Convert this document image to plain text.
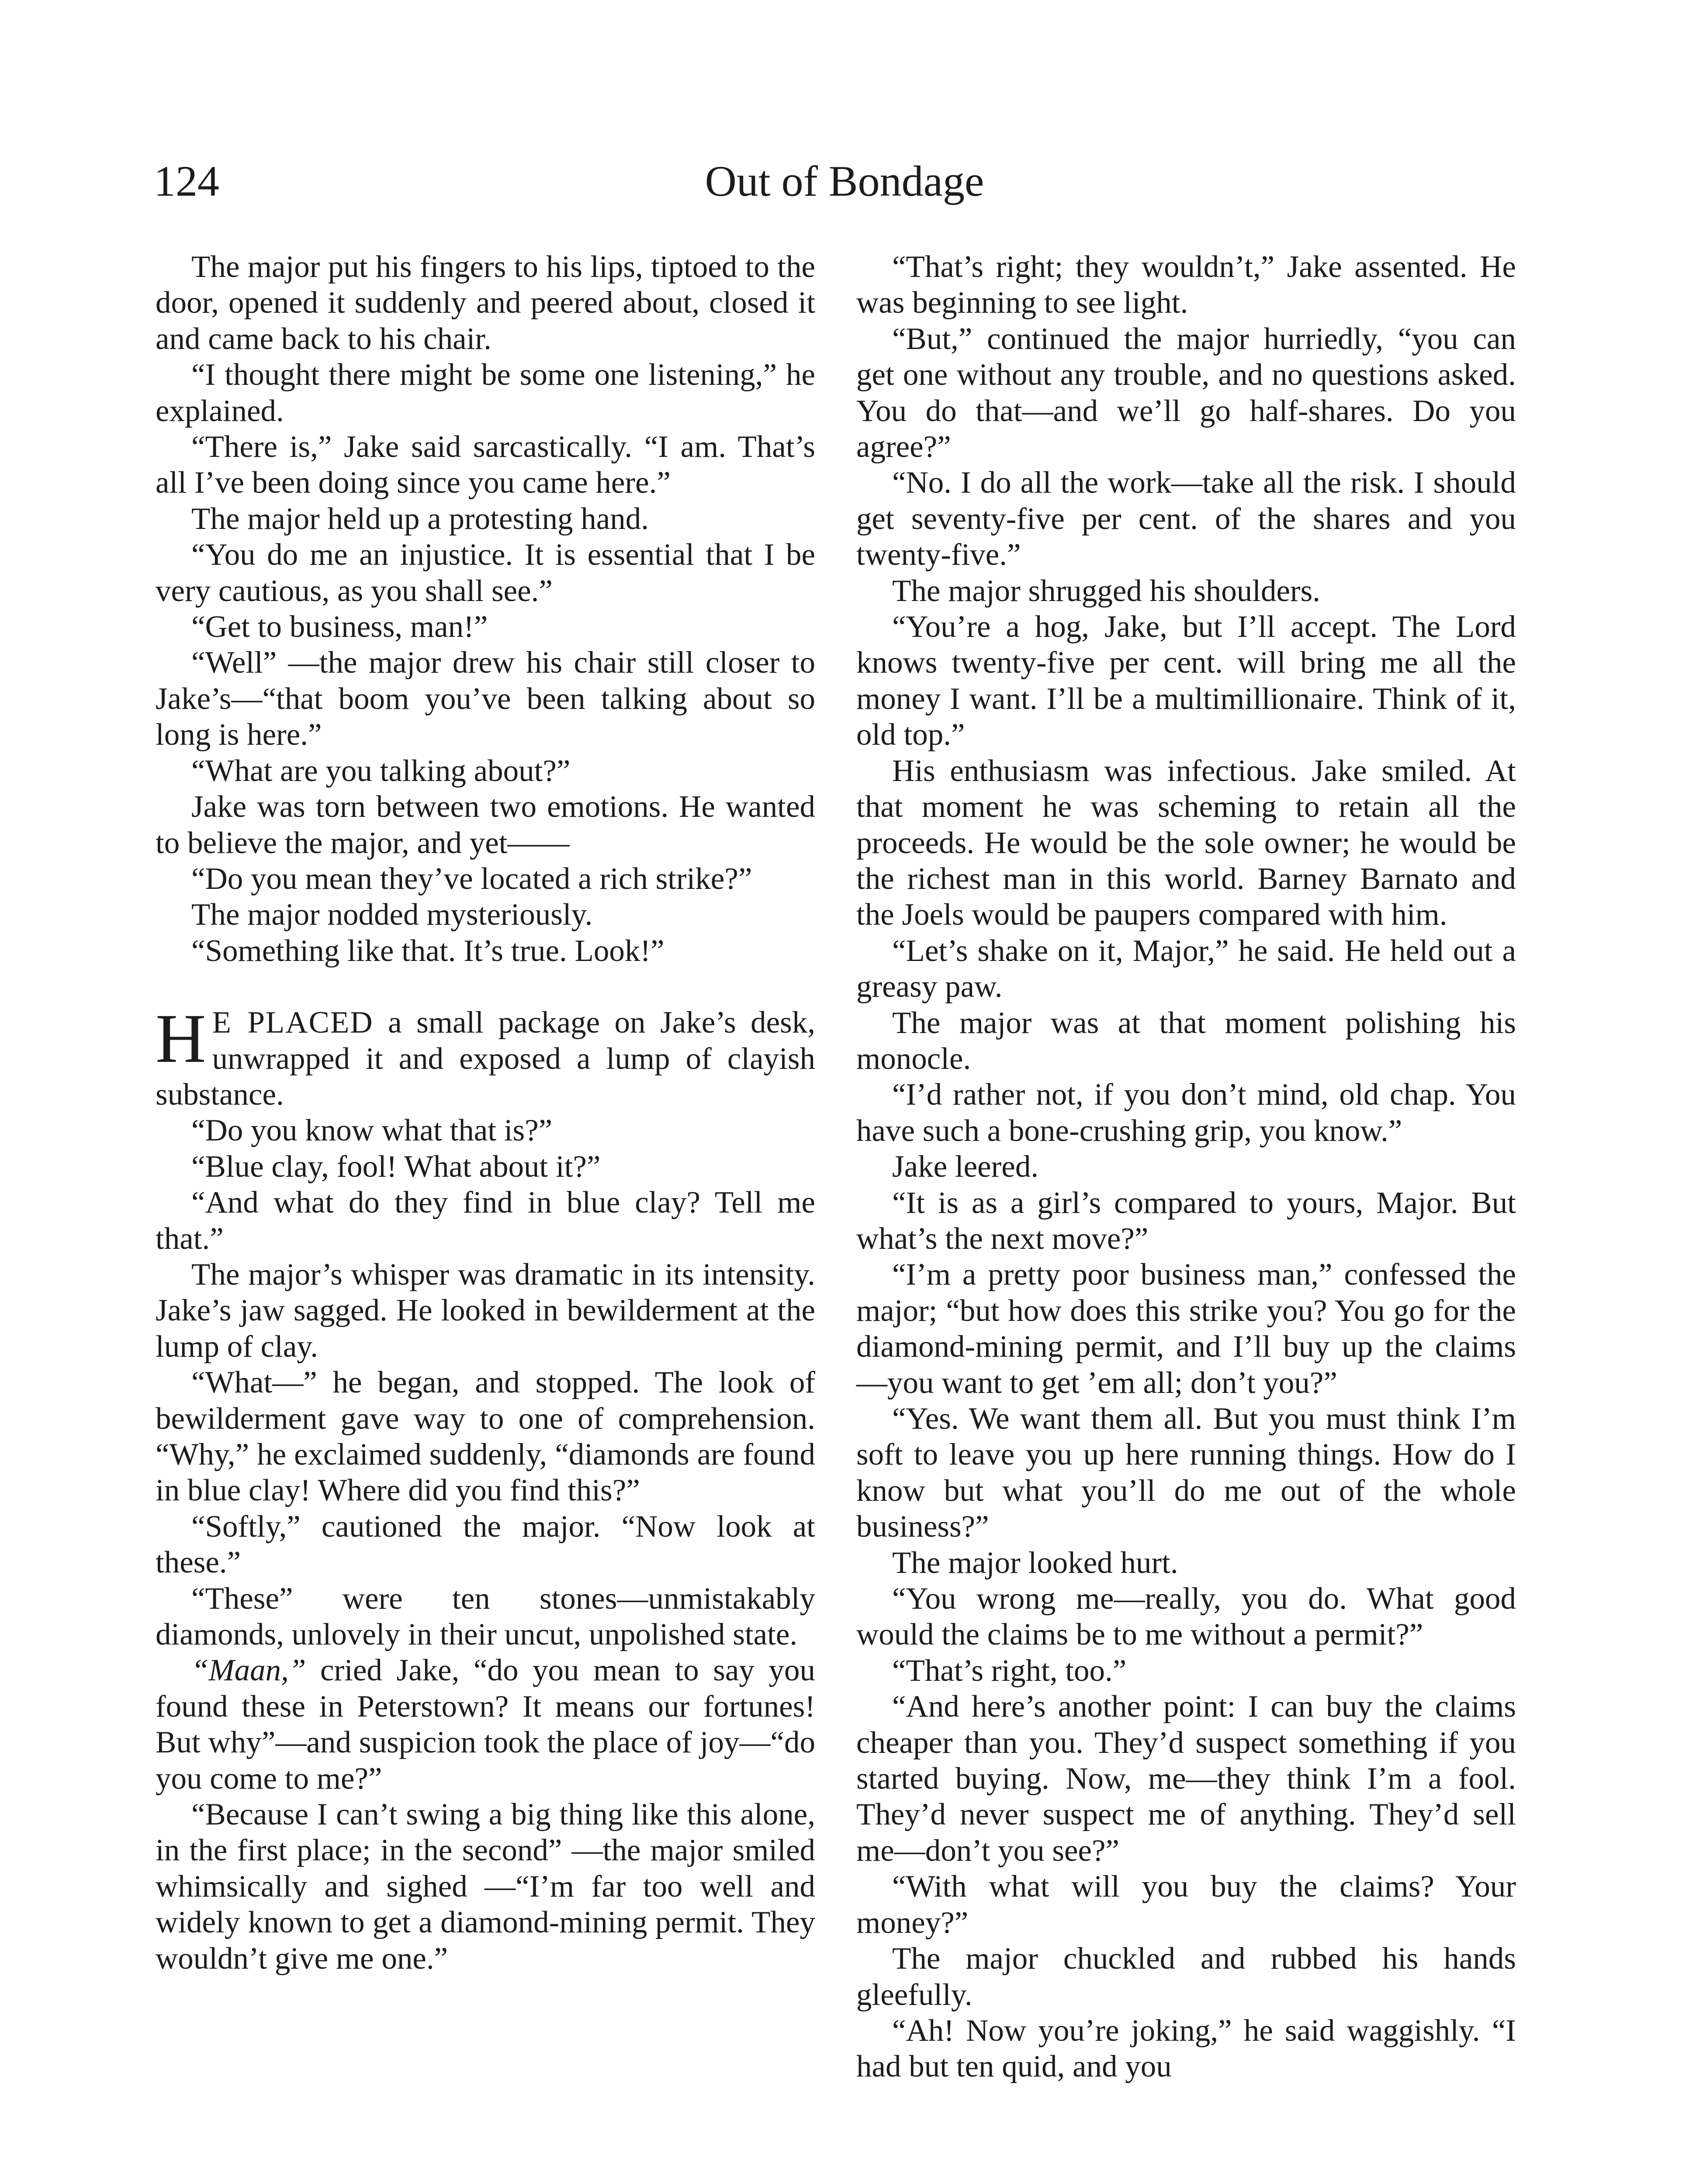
124	Out of Bondage

The major put his fingers to his lips, tiptoed to the door, opened it suddenly and peered about, closed it and came back to his chair.

“I thought there might be some one listening,” he explained.

“There is,” Jake said sarcastically. “I am. That’s all I’ve been doing since you came here.”

The major held up a protesting hand.

“You do me an injustice. It is essential that I be very cautious, as you shall see.”

“Get to business, man!”

“Well” —the major drew his chair still closer to Jake’s—“that boom you’ve been talking about so long is here.”

“What are you talking about?”

Jake was torn between two emotions. He wanted to believe the major, and yet——

“Do you mean they’ve located a rich strike?”

The major nodded mysteriously.

“Something like that. It’s true. Look!”

H E PLACED a small package on Jake’s desk, unwrapped it and exposed a lump of clayish substance.

“Do you know what that is?”

“Blue clay, fool! What about it?”

“And what do they find in blue clay? Tell me that.”

The major’s whisper was dramatic in its intensity. Jake’s jaw sagged. He looked in bewilderment at the lump of clay.

“What—” he began, and stopped. The look of bewilderment gave way to one of comprehension. “Why,” he exclaimed suddenly, “diamonds are found in blue clay! Where did you find this?”

“Softly,” cautioned the major. “Now look at these.”

“These” were ten stones—unmistakably diamonds, unlovely in their uncut, unpolished state.

“Maan,” cried Jake, “do you mean to say you found these in Peterstown? It means our fortunes! But why”—and suspicion took the place of joy—“do you come to me?”

“Because I can’t swing a big thing like this alone, in the first place; in the second” —the major smiled whimsically and sighed —“I’m far too well and widely known to get a diamond-mining permit. They wouldn’t give me one.”

“That’s right; they wouldn’t,” Jake assented. He was beginning to see light.

“But,” continued the major hurriedly, “you can get one without any trouble, and no questions asked. You do that—and we’ll go half-shares. Do you agree?”

“No. I do all the work—take all the risk. I should get seventy-five per cent. of the shares and you twenty-five.”

The major shrugged his shoulders.

“You’re a hog, Jake, but I’ll accept. The Lord knows twenty-five per cent. will bring me all the money I want. I’ll be a multimillionaire. Think of it, old top.”

His enthusiasm was infectious. Jake smiled. At that moment he was scheming to retain all the proceeds. He would be the sole owner; he would be the richest man in this world. Barney Barnato and the Joels would be paupers compared with him.

“Let’s shake on it, Major,” he said. He held out a greasy paw.

The major was at that moment polishing his monocle.

“I’d rather not, if you don’t mind, old chap. You have such a bone-crushing grip, you know.”

Jake leered.

“It is as a girl’s compared to yours, Major. But what’s the next move?”

“I’m a pretty poor business man,” confessed the major; “but how does this strike you? You go for the diamond-mining permit, and I’ll buy up the claims—you want to get ’em all; don’t you?”

“Yes. We want them all. But you must think I’m soft to leave you up here running things. How do I know but what you’ll do me out of the whole business?”

The major looked hurt.

“You wrong me—really, you do. What good would the claims be to me without a permit?”

“That’s right, too.”

“And here’s another point: I can buy the claims cheaper than you. They’d suspect something if you started buying. Now, me—they think I’m a fool. They’d never suspect me of anything. They’d sell me—don’t you see?”

“With what will you buy the claims? Your money?”

The major chuckled and rubbed his hands gleefully.

“Ah! Now you’re joking,” he said waggishly. “I had but ten quid, and you
